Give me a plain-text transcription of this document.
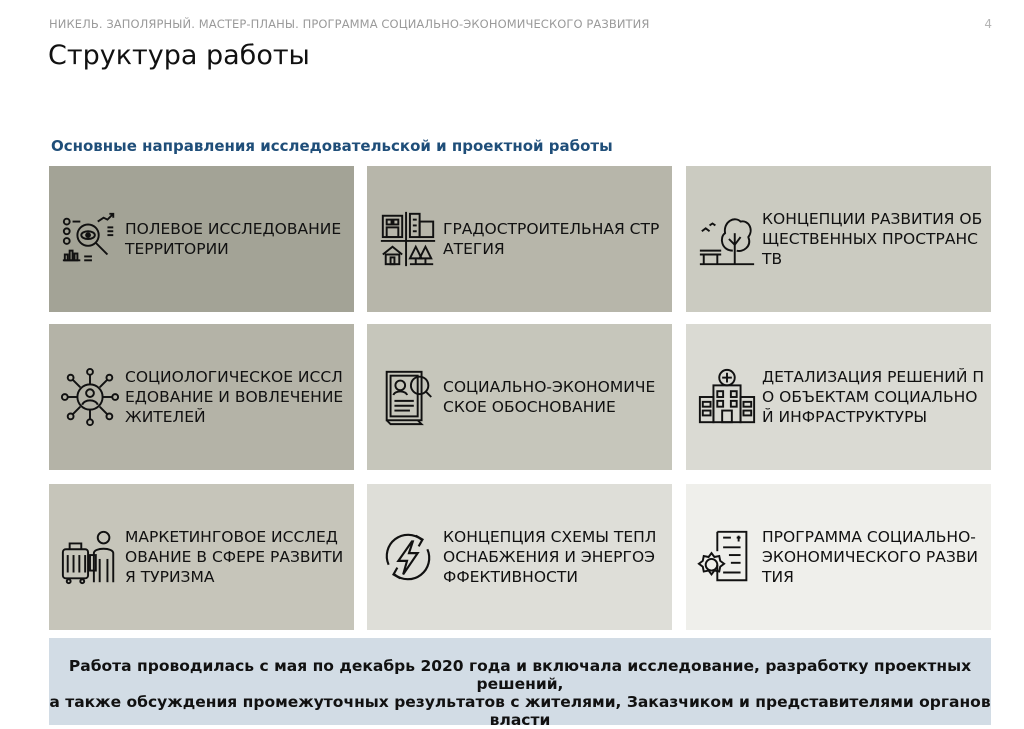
НИКЕЛЬ. ЗАПОЛЯРНЫЙ. МАСТЕР-ПЛАНЫ. ПРОГРАММА СОЦИАЛЬНО-ЭКОНОМИЧЕСКОГО РАЗВИТИЯ	4
Структура работы
Основные направления исследовательской и проектной работы
ПОЛЕВОЕ ИССЛЕДОВАНИЕ ТЕРРИТОРИИ
ГРАДОСТРОИТЕЛЬНАЯ СТРАТЕГИЯ
КОНЦЕПЦИИ РАЗВИТИЯ ОБЩЕСТВЕННЫХ ПРОСТРАНСТВ
СОЦИОЛОГИЧЕСКОЕ ИССЛЕДОВАНИЕ И ВОВЛЕЧЕНИЕ ЖИТЕЛЕЙ
СОЦИАЛЬНО-ЭКОНОМИЧЕСКОЕ ОБОСНОВАНИЕ
ДЕТАЛИЗАЦИЯ РЕШЕНИЙ ПО ОБЪЕКТАМ СОЦИАЛЬНОЙ ИНФРАСТРУКТУРЫ
МАРКЕТИНГОВОЕ ИССЛЕДОВАНИЕ В СФЕРЕ РАЗВИТИЯ ТУРИЗМА
КОНЦЕПЦИЯ СХЕМЫ ТЕПЛОСНАБЖЕНИЯ И ЭНЕРГОЭФФЕКТИВНОСТИ
ПРОГРАММА СОЦИАЛЬНО-ЭКОНОМИЧЕСКОГО РАЗВИТИЯ
Работа проводилась с мая по декабрь 2020 года и включала исследование, разработку проектных решений,
а также обсуждения промежуточных результатов с жителями, Заказчиком и представителями органов власти
